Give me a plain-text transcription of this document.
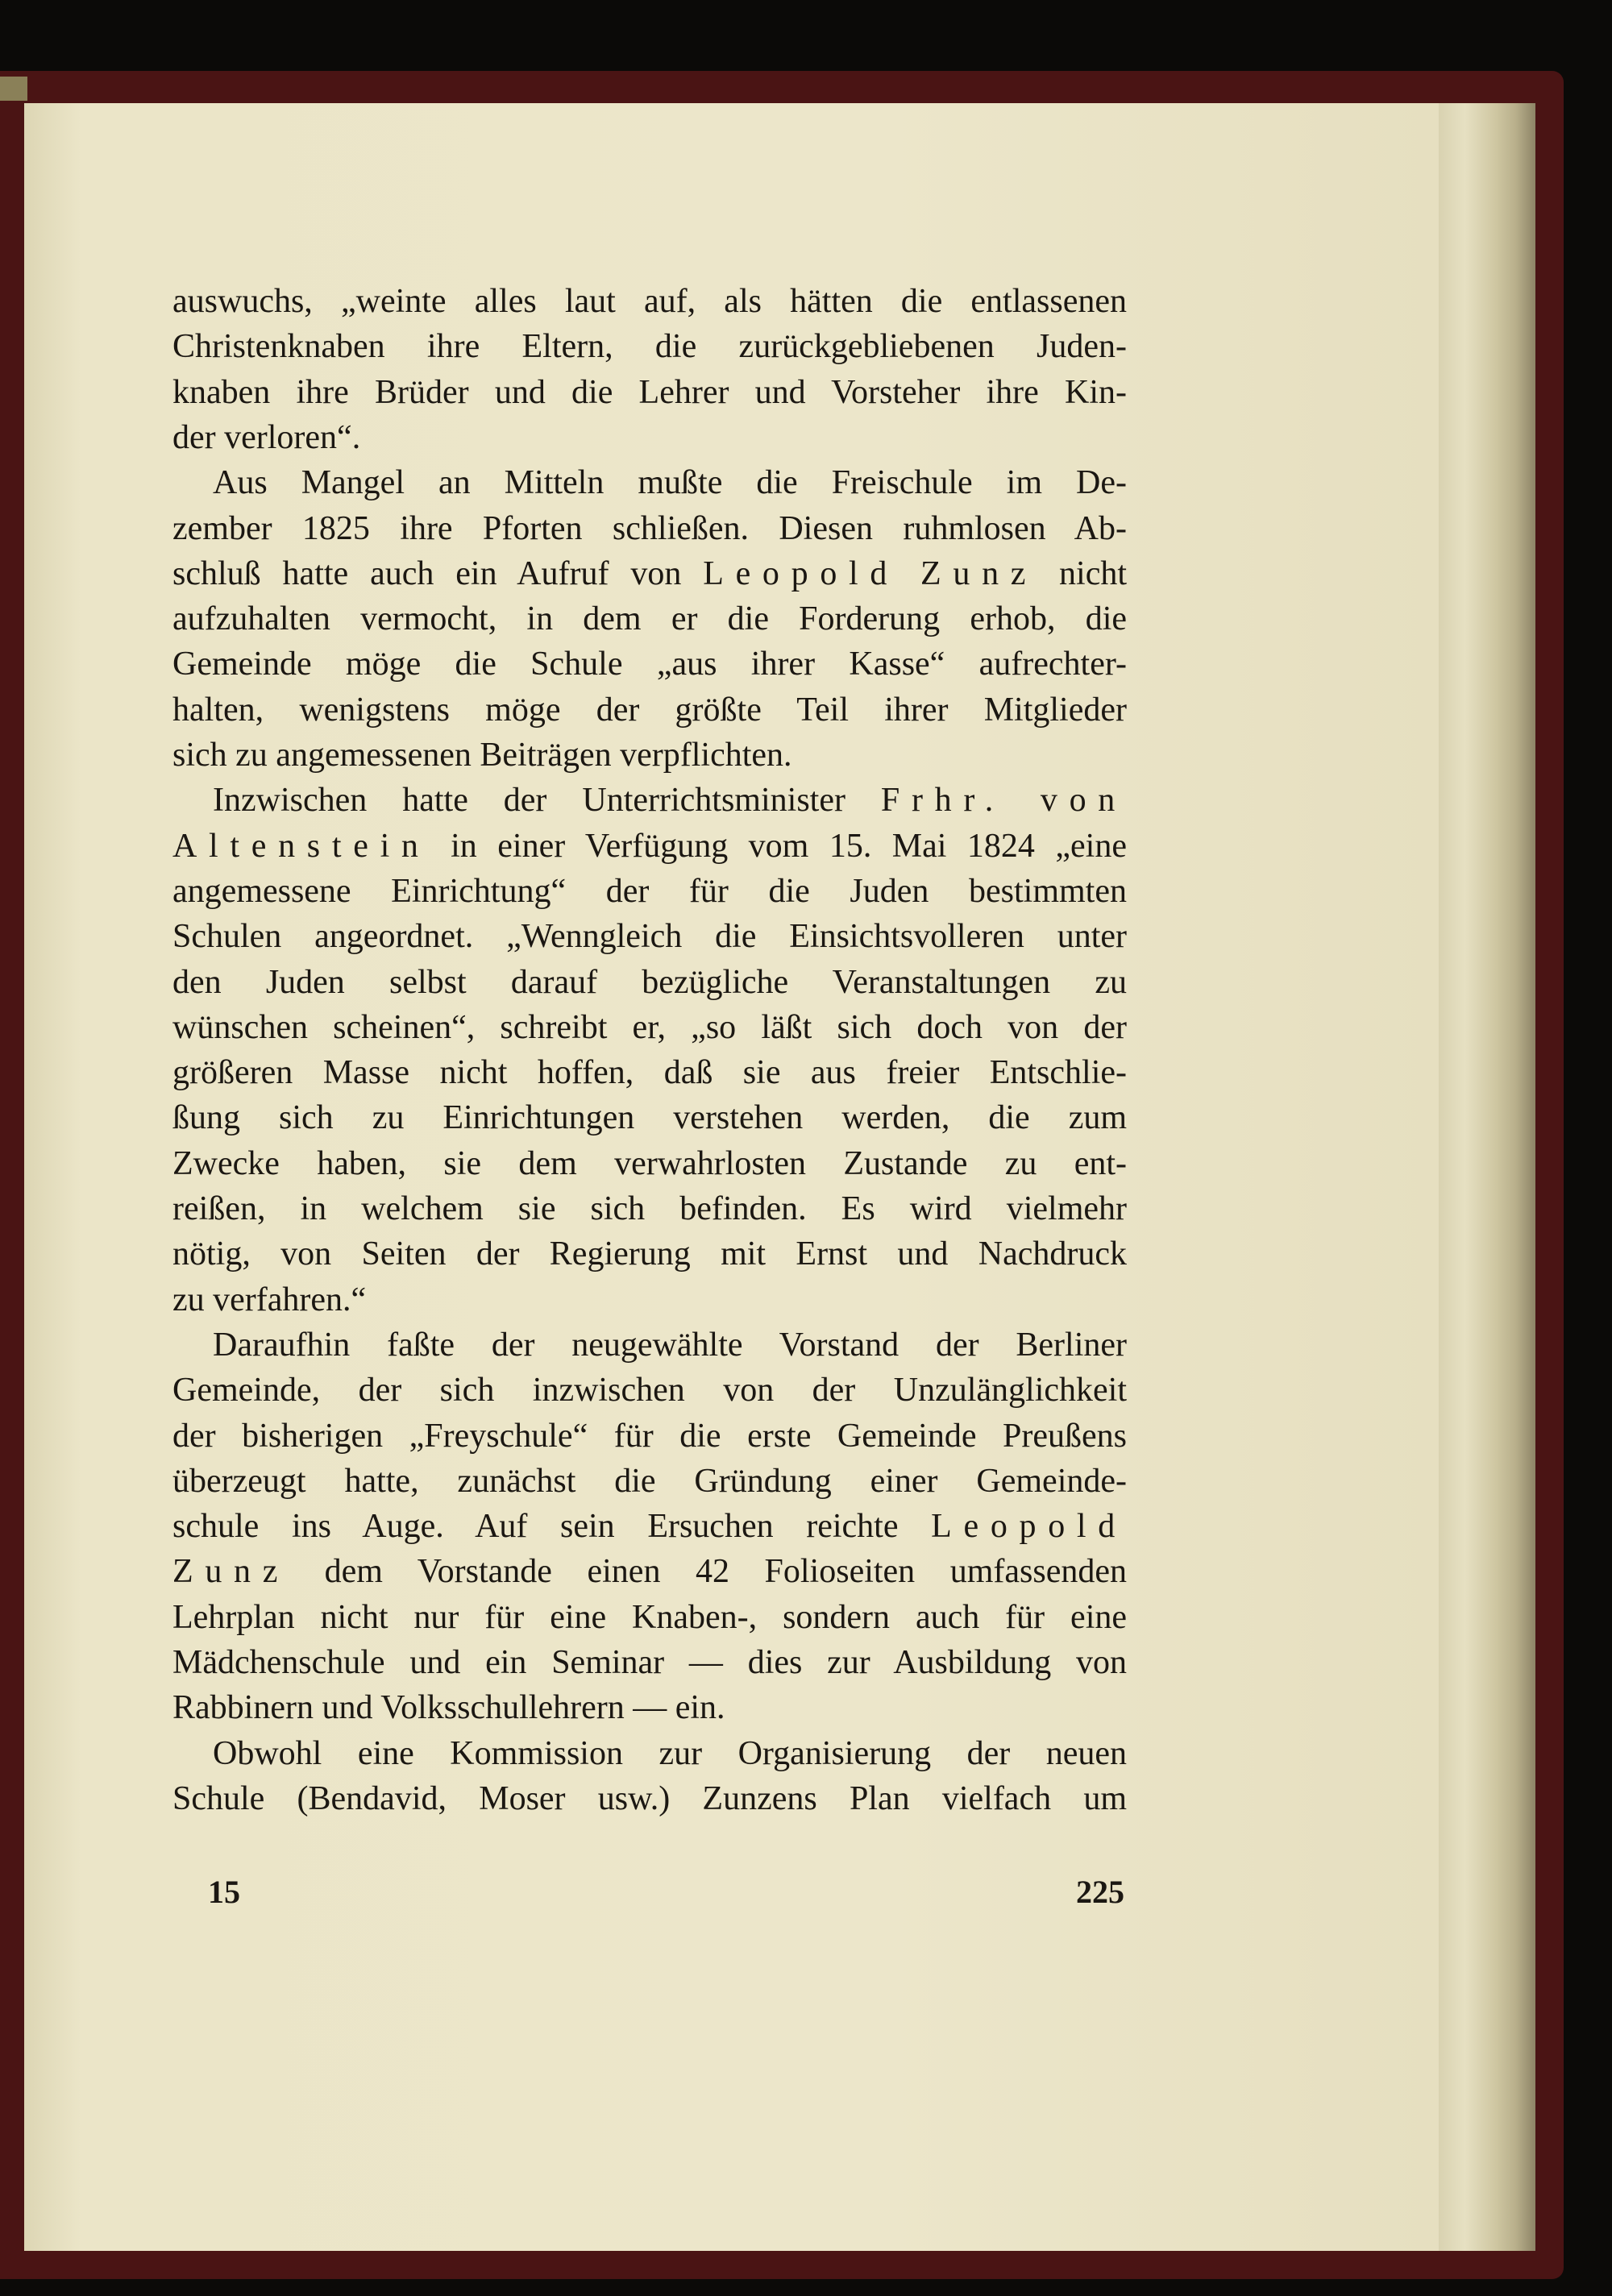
auswuchs, „weinte alles laut auf, als hätten die entlassenen
Christenknaben ihre Eltern, die zurückgebliebenen Juden-
knaben ihre Brüder und die Lehrer und Vorsteher ihre Kin-
der verloren“.
Aus Mangel an Mitteln mußte die Freischule im De-
zember 1825 ihre Pforten schließen. Diesen ruhmlosen Ab-
schluß hatte auch ein Aufruf von Leopold Zunz nicht
aufzuhalten vermocht, in dem er die Forderung erhob, die
Gemeinde möge die Schule „aus ihrer Kasse“ aufrechter-
halten, wenigstens möge der größte Teil ihrer Mitglieder
sich zu angemessenen Beiträgen verpflichten.
Inzwischen hatte der Unterrichtsminister Frhr. von
Altenstein in einer Verfügung vom 15. Mai 1824 „eine
angemessene Einrichtung“ der für die Juden bestimmten
Schulen angeordnet. „Wenngleich die Einsichtsvolleren unter
den Juden selbst darauf bezügliche Veranstaltungen zu
wünschen scheinen“, schreibt er, „so läßt sich doch von der
größeren Masse nicht hoffen, daß sie aus freier Entschlie-
ßung sich zu Einrichtungen verstehen werden, die zum
Zwecke haben, sie dem verwahrlosten Zustande zu ent-
reißen, in welchem sie sich befinden. Es wird vielmehr
nötig, von Seiten der Regierung mit Ernst und Nachdruck
zu verfahren.“
Daraufhin faßte der neugewählte Vorstand der Berliner
Gemeinde, der sich inzwischen von der Unzulänglichkeit
der bisherigen „Freyschule“ für die erste Gemeinde Preußens
überzeugt hatte, zunächst die Gründung einer Gemeinde-
schule ins Auge. Auf sein Ersuchen reichte Leopold
Zunz dem Vorstande einen 42 Folioseiten umfassenden
Lehrplan nicht nur für eine Knaben-, sondern auch für eine
Mädchenschule und ein Seminar — dies zur Ausbildung von
Rabbinern und Volksschullehrern — ein.
Obwohl eine Kommission zur Organisierung der neuen
Schule (Bendavid, Moser usw.) Zunzens Plan vielfach um
15	225
